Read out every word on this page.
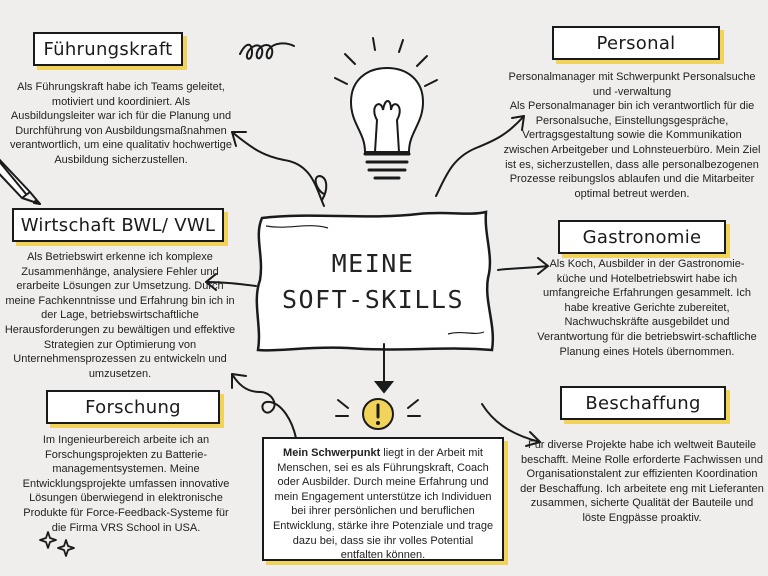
MEINE
SOFT-SKILLS
Führungskraft

Als Führungskraft habe ich Teams geleitet, motiviert und koordiniert. Als Ausbildungsleiter war ich für die Planung und Durchführung von Ausbildungsmaßnahmen verantwortlich, um eine qualitativ hochwertige Ausbildung sicherzustellen.

Wirtschaft BWL/ VWL

Als Betriebswirt erkenne ich komplexe Zusammenhänge, analysiere Fehler und erarbeite Lösungen zur Umsetzung. Durch meine Fachkenntnisse und Erfahrung bin ich in der Lage, betriebswirtschaftliche Herausforderungen zu bewältigen und effektive Strategien zur Optimierung von Unternehmensprozessen zu entwickeln und umzusetzen.

Forschung

Im Ingenieurbereich arbeite ich an Forschungsprojekten zu Batterie-managementsystemen. Meine Entwicklungsprojekte umfassen innovative Lösungen überwiegend in elektronische Produkte für Force-Feedback-Systeme für die Firma VRS School in USA.

Personal

Personalmanager mit Schwerpunkt Personalsuche und -verwaltung

Als Personalmanager bin ich verantwortlich für die Personalsuche, Einstellungsgespräche, Vertragsgestaltung sowie die Kommunikation zwischen Arbeitgeber und Lohnsteuerbüro. Mein Ziel ist es, sicherzustellen, dass alle personalbezogenen Prozesse reibungslos ablaufen und die Mitarbeiter optimal betreut werden.

Gastronomie

Als Koch, Ausbilder in der Gastronomie-küche und Hotelbetriebswirt habe ich umfangreiche Erfahrungen gesammelt. Ich habe kreative Gerichte zubereitet, Nachwuchskräfte ausgebildet und Verantwortung für die betriebswirt-schaftliche Planung eines Hotels übernommen.

Beschaffung

Für diverse Projekte habe ich weltweit Bauteile beschafft. Meine Rolle erforderte Fachwissen und Organisationstalent zur effizienten Koordination der Beschaffung. Ich arbeitete eng mit Lieferanten zusammen, sicherte Qualität der Bauteile und löste Engpässe proaktiv.

Mein Schwerpunkt liegt in der Arbeit mit Menschen, sei es als Führungskraft, Coach oder Ausbilder. Durch meine Erfahrung und mein Engagement unterstütze ich Individuen bei ihrer persönlichen und beruflichen Entwicklung, stärke ihre Potenziale und trage dazu bei, dass sie ihr volles Potential entfalten können.
